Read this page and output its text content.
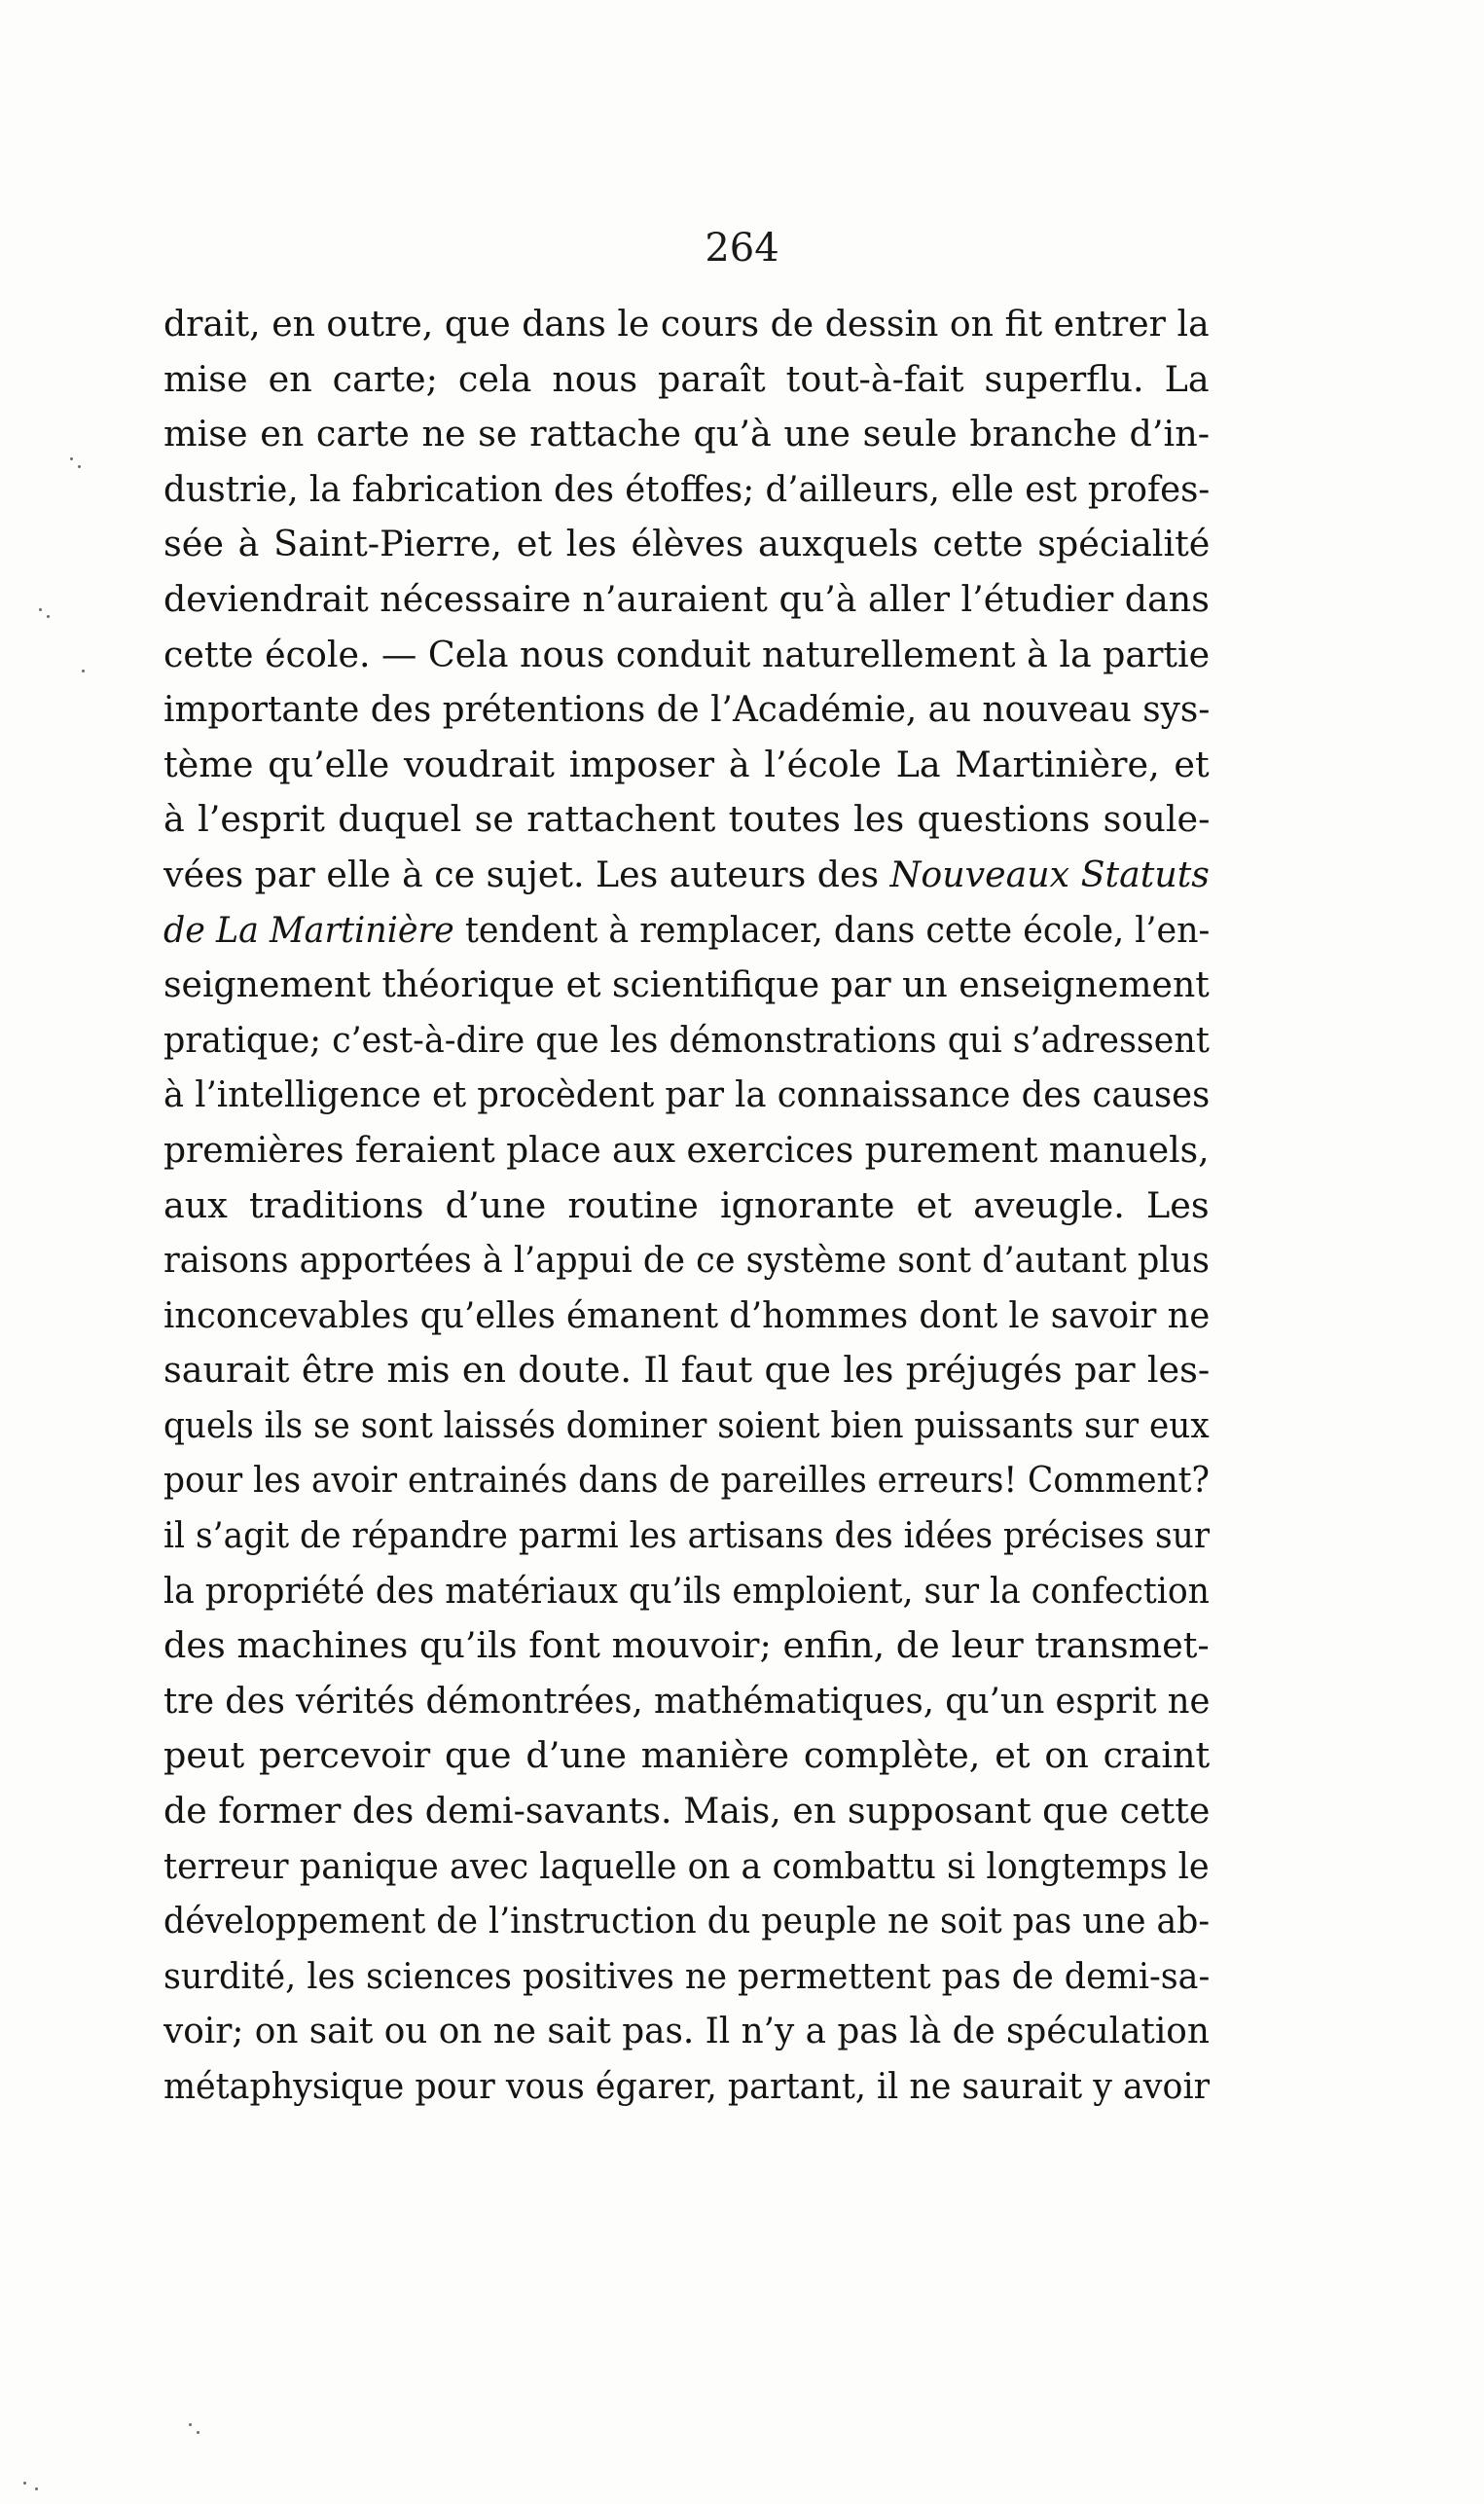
264
drait, en outre, que dans le cours de dessin on fit entrer la
mise en carte; cela nous paraît tout-à-fait superflu. La
mise en carte ne se rattache qu’à une seule branche d’in-
dustrie, la fabrication des étoffes; d’ailleurs, elle est profes-
sée à Saint-Pierre, et les élèves auxquels cette spécialité
deviendrait nécessaire n’auraient qu’à aller l’étudier dans
cette école. — Cela nous conduit naturellement à la partie
importante des prétentions de l’Académie, au nouveau sys-
tème qu’elle voudrait imposer à l’école La Martinière, et
à l’esprit duquel se rattachent toutes les questions soule-
vées par elle à ce sujet. Les auteurs des Nouveaux Statuts
de La Martinière tendent à remplacer, dans cette école, l’en-
seignement théorique et scientifique par un enseignement
pratique; c’est-à-dire que les démonstrations qui s’adressent
à l’intelligence et procèdent par la connaissance des causes
premières feraient place aux exercices purement manuels,
aux traditions d’une routine ignorante et aveugle. Les
raisons apportées à l’appui de ce système sont d’autant plus
inconcevables qu’elles émanent d’hommes dont le savoir ne
saurait être mis en doute. Il faut que les préjugés par les-
quels ils se sont laissés dominer soient bien puissants sur eux
pour les avoir entrainés dans de pareilles erreurs! Comment?
il s’agit de répandre parmi les artisans des idées précises sur
la propriété des matériaux qu’ils emploient, sur la confection
des machines qu’ils font mouvoir; enfin, de leur transmet-
tre des vérités démontrées, mathématiques, qu’un esprit ne
peut percevoir que d’une manière complète, et on craint
de former des demi-savants. Mais, en supposant que cette
terreur panique avec laquelle on a combattu si longtemps le
développement de l’instruction du peuple ne soit pas une ab-
surdité, les sciences positives ne permettent pas de demi-sa-
voir; on sait ou on ne sait pas. Il n’y a pas là de spéculation
métaphysique pour vous égarer, partant, il ne saurait y avoir
